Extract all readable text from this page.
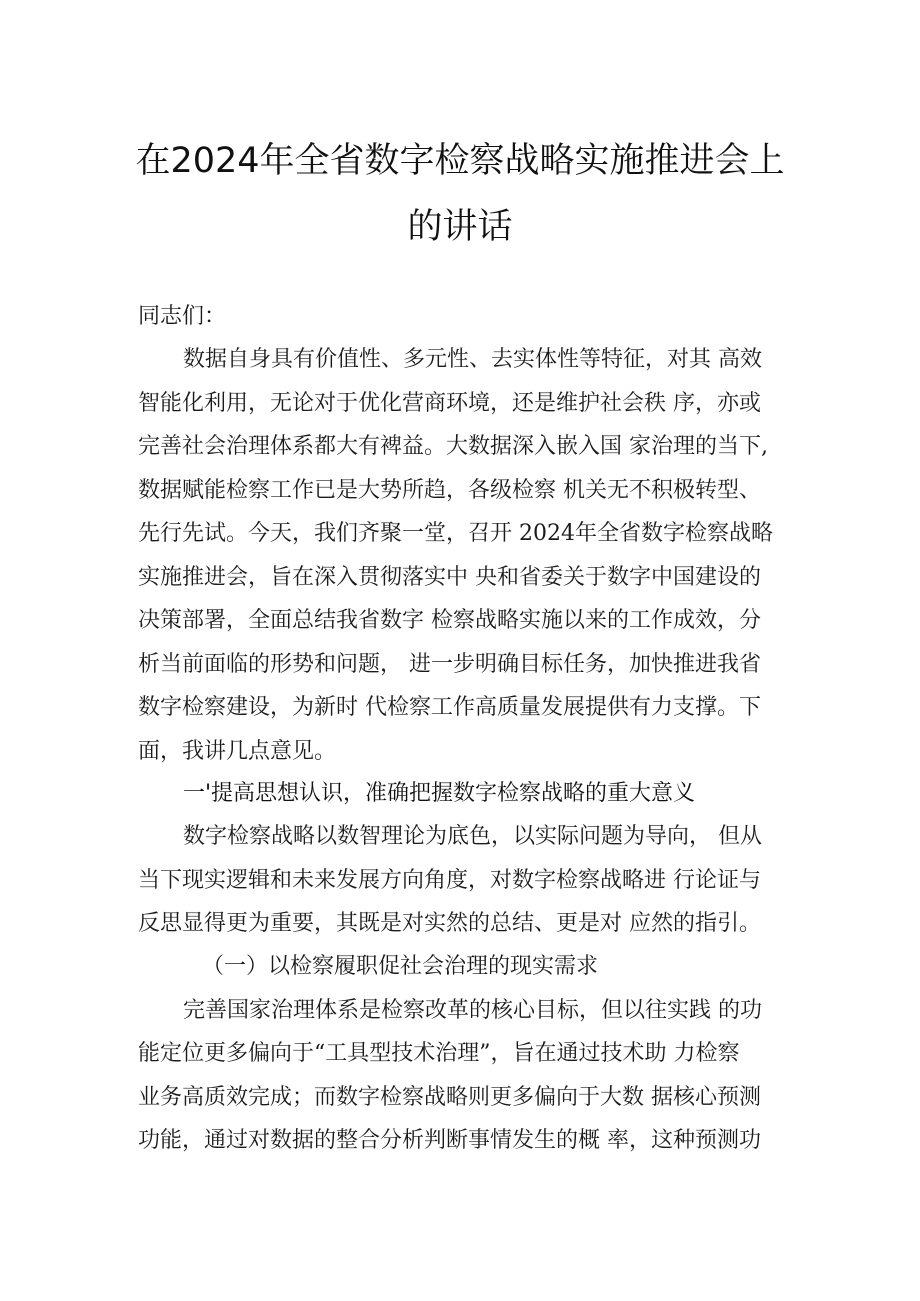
在2024年全省数字检察战略实施推进会上
的讲话

同志们：

数据自身具有价值性、多元性、去实体性等特征，对其 高效

智能化利用，无论对于优化营商环境，还是维护社会秩 序，亦或

完善社会治理体系都大有裨益。大数据深入嵌入国 家治理的当下,

数据赋能检察工作已是大势所趋，各级检察 机关无不积极转型、

先行先试。今天，我们齐聚一堂，召开 2024年全省数字检察战略

实施推进会，旨在深入贯彻落实中 央和省委关于数字中国建设的

决策部署，全面总结我省数字 检察战略实施以来的工作成效，分

析当前面临的形势和问题， 进一步明确目标任务，加快推进我省

数字检察建设，为新时 代检察工作高质量发展提供有力支撑。下

面，我讲几点意见。

一'提高思想认识，准确把握数字检察战略的重大意义

数字检察战略以数智理论为底色，以实际问题为导向， 但从

当下现实逻辑和未来发展方向角度，对数字检察战略进 行论证与

反思显得更为重要，其既是对实然的总结、更是对 应然的指引。

（一）以检察履职促社会治理的现实需求

完善国家治理体系是检察改革的核心目标，但以往实践 的功

能定位更多偏向于“工具型技术治理”，旨在通过技术助 力检察

业务高质效完成；而数字检察战略则更多偏向于大数 据核心预测

功能，通过对数据的整合分析判断事情发生的概 率，这种预测功
